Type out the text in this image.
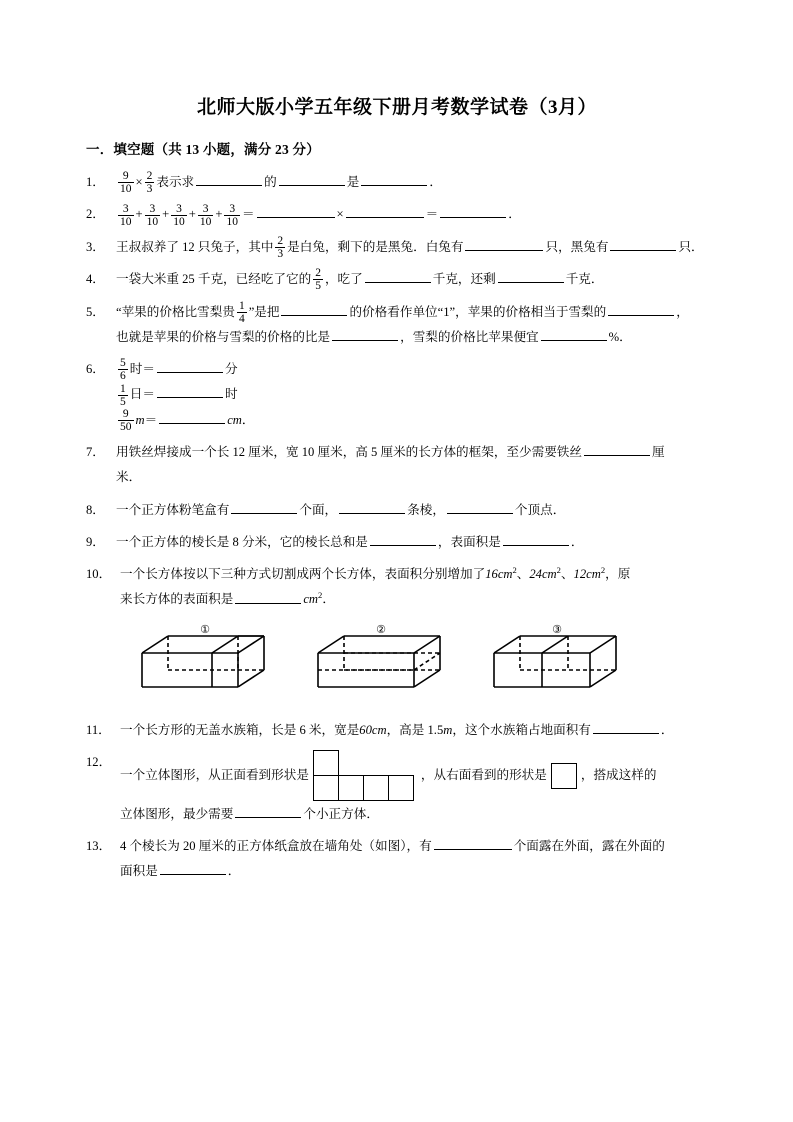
北师大版小学五年级下册月考数学试卷（3月）
一．填空题（共 13 小题，满分 23 分）
1．	$\frac{9}{10} \times \frac{2}{3}$ 表示求	的	是	．
2．	$\frac{3}{10} + \frac{3}{10} + \frac{3}{10} + \frac{3}{10} + \frac{3}{10}$ ＝	×	＝	．
3． 王叔叔养了 12 只兔子，其中 $\frac{2}{3}$ 是白兔，剩下的是黑兔．白兔有	只，黑兔有	只．
4． 一袋大米重 25 千克，已经吃了它的 $\frac{2}{5}$ ，吃了	千克，还剩	千克．
5． “苹果的价格比雪梨贵 $\frac{1}{4}$ ”是把	的价格看作单位“1”，苹果的价格相当于雪梨的	，
也就是苹果的价格与雪梨的价格的比是	，雪梨的价格比苹果便宜	%．
6．	$\frac{5}{6}$ 时＝	分

$\frac{1}{5}$ 日＝	时

$\frac{9}{50} m=$	cm．
7． 用铁丝焊接成一个长 12 厘米，宽 10 厘米，高 5 厘米的长方体的框架，至少需要铁丝	厘
米．
8． 一个正方体粉笔盒有	个面，	条棱，	个顶点．
9． 一个正方体的棱长是 8 分米，它的棱长总和是	，表面积是	．
10． 一个长方体按以下三种方式切割成两个长方体，表面积分别增加了$16cm^2$、$24cm^2$、$12cm^2$，原
来长方体的表面积是	$cm^2$．
①	②	③
11． 一个长方形的无盖水族箱，长是 6 米，宽是60cm，高是 1.5m，这个水族箱占地面积有	．
12．
一个立体图形，从正面看到形状是	，从右面看到的形状是	，搭成这样的
立体图形，最少需要	个小正方体．
13． 4 个棱长为 20 厘米的正方体纸盒放在墙角处（如图），有	个面露在外面，露在外面的
面积是	．
